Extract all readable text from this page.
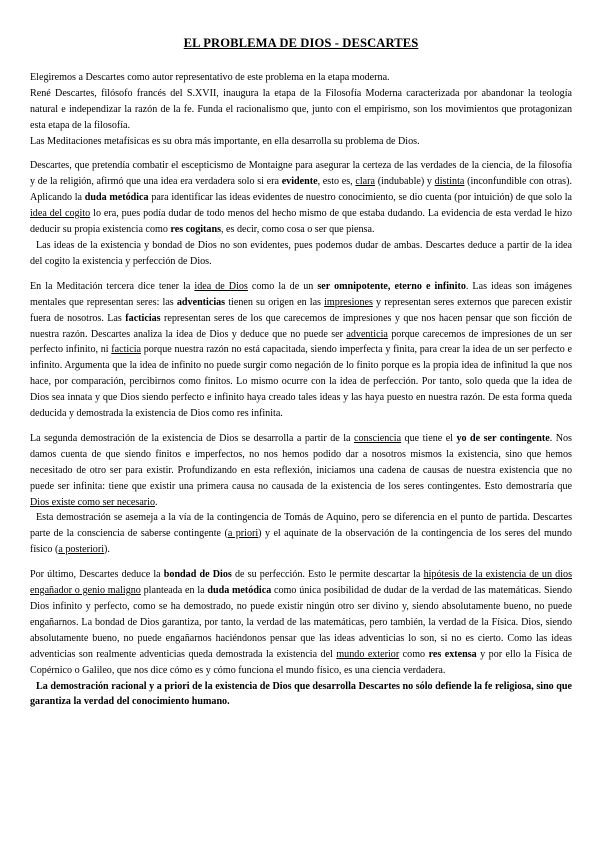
EL PROBLEMA DE DIOS - DESCARTES

Elegiremos a Descartes como autor representativo de este problema en la etapa moderna.

René Descartes, filósofo francés del S.XVII, inaugura la etapa de la Filosofía Moderna caracterizada por abandonar la teología natural e independizar la razón de la fe. Funda el racionalismo que, junto con el empirismo, son los movimientos que protagonizan esta etapa de la filosofía.

Las Meditaciones metafísicas es su obra más importante, en ella desarrolla su problema de Dios.

Descartes, que pretendía combatir el escepticismo de Montaigne para asegurar la certeza de las verdades de la ciencia, de la filosofía y de la religión, afirmó que una idea era verdadera solo si era evidente, esto es, clara (indubable) y distinta (inconfundible con otras). Aplicando la duda metódica para identificar las ideas evidentes de nuestro conocimiento, se dio cuenta (por intuición) de que solo la idea del cogito lo era, pues podía dudar de todo menos del hecho mismo de que estaba dudando. La evidencia de esta verdad le hizo deducir su propia existencia como res cogitans, es decir, como cosa o ser que piensa.

Las ideas de la existencia y bondad de Dios no son evidentes, pues podemos dudar de ambas. Descartes deduce a partir de la idea del cogito la existencia y perfección de Dios.

En la Meditación tercera dice tener la idea de Dios como la de un ser omnipotente, eterno e infinito. Las ideas son imágenes mentales que representan seres: las adventicias tienen su origen en las impresiones y representan seres externos que parecen existir fuera de nosotros. Las facticias representan seres de los que carecemos de impresiones y que nos hacen pensar que son ficción de nuestra razón. Descartes analiza la idea de Dios y deduce que no puede ser adventicia porque carecemos de impresiones de un ser perfecto infinito, ni facticia porque nuestra razón no está capacitada, siendo imperfecta y finita, para crear la idea de un ser perfecto e infinito. Argumenta que la idea de infinito no puede surgir como negación de lo finito porque es la propia idea de infinitud la que nos hace, por comparación, percibirnos como finitos. Lo mismo ocurre con la idea de perfección. Por tanto, solo queda que la idea de Dios sea innata y que Dios siendo perfecto e infinito haya creado tales ideas y las haya puesto en nuestra razón. De esta forma queda deducida y demostrada la existencia de Dios como res infinita.

La segunda demostración de la existencia de Dios se desarrolla a partir de la consciencia que tiene el yo de ser contingente. Nos damos cuenta de que siendo finitos e imperfectos, no nos hemos podido dar a nosotros mismos la existencia, sino que hemos necesitado de otro ser para existir. Profundizando en esta reflexión, iniciamos una cadena de causas de nuestra existencia que no puede ser infinita: tiene que existir una primera causa no causada de la existencia de los seres contingentes. Esto demostraría que Dios existe como ser necesario.

Esta demostración se asemeja a la vía de la contingencia de Tomás de Aquino, pero se diferencia en el punto de partida. Descartes parte de la consciencia de saberse contingente (a priori) y el aquinate de la observación de la contingencia de los seres del mundo físico (a posteriori).

Por último, Descartes deduce la bondad de Dios de su perfección. Esto le permite descartar la hipótesis de la existencia de un dios engañador o genio maligno planteada en la duda metódica como única posibilidad de dudar de la verdad de las matemáticas. Siendo Dios infinito y perfecto, como se ha demostrado, no puede existir ningún otro ser divino y, siendo absolutamente bueno, no puede engañarnos. La bondad de Dios garantiza, por tanto, la verdad de las matemáticas, pero también, la verdad de la Física. Dios, siendo absolutamente bueno, no puede engañarnos haciéndonos pensar que las ideas adventicias lo son, si no es cierto. Como las ideas adventicias son realmente adventicias queda demostrada la existencia del mundo exterior como res extensa y por ello la Física de Copérnico o Galileo, que nos dice cómo es y cómo funciona el mundo físico, es una ciencia verdadera.

La demostración racional y a priori de la existencia de Dios que desarrolla Descartes no sólo defiende la fe religiosa, sino que garantiza la verdad del conocimiento humano.
